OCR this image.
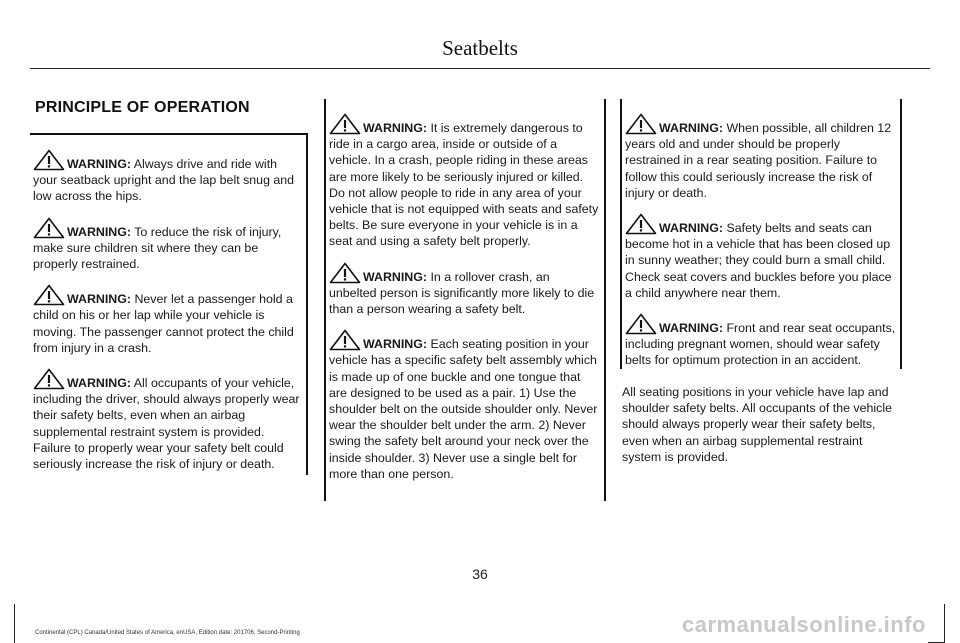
Seatbelts
PRINCIPLE OF OPERATION

WARNING: Always drive and ride with your seatback upright and the lap belt snug and low across the hips.

WARNING: To reduce the risk of injury, make sure children sit where they can be properly restrained.

WARNING: Never let a passenger hold a child on his or her lap while your vehicle is moving. The passenger cannot protect the child from injury in a crash.

WARNING: All occupants of your vehicle, including the driver, should always properly wear their safety belts, even when an airbag supplemental restraint system is provided. Failure to properly wear your safety belt could seriously increase the risk of injury or death.

WARNING: It is extremely dangerous to ride in a cargo area, inside or outside of a vehicle. In a crash, people riding in these areas are more likely to be seriously injured or killed. Do not allow people to ride in any area of your vehicle that is not equipped with seats and safety belts. Be sure everyone in your vehicle is in a seat and using a safety belt properly.

WARNING: In a rollover crash, an unbelted person is significantly more likely to die than a person wearing a safety belt.

WARNING: Each seating position in your vehicle has a specific safety belt assembly which is made up of one buckle and one tongue that are designed to be used as a pair. 1) Use the shoulder belt on the outside shoulder only. Never wear the shoulder belt under the arm. 2) Never swing the safety belt around your neck over the inside shoulder. 3) Never use a single belt for more than one person.

WARNING: When possible, all children 12 years old and under should be properly restrained in a rear seating position. Failure to follow this could seriously increase the risk of injury or death.

WARNING: Safety belts and seats can become hot in a vehicle that has been closed up in sunny weather; they could burn a small child. Check seat covers and buckles before you place a child anywhere near them.

WARNING: Front and rear seat occupants, including pregnant women, should wear safety belts for optimum protection in an accident.

All seating positions in your vehicle have lap and shoulder safety belts. All occupants of the vehicle should always properly wear their safety belts, even when an airbag supplemental restraint system is provided.

36
Continental (CPL) Canada/United States of America, enUSA, Edition date: 201706, Second-Printing	carmanualsonline.info
